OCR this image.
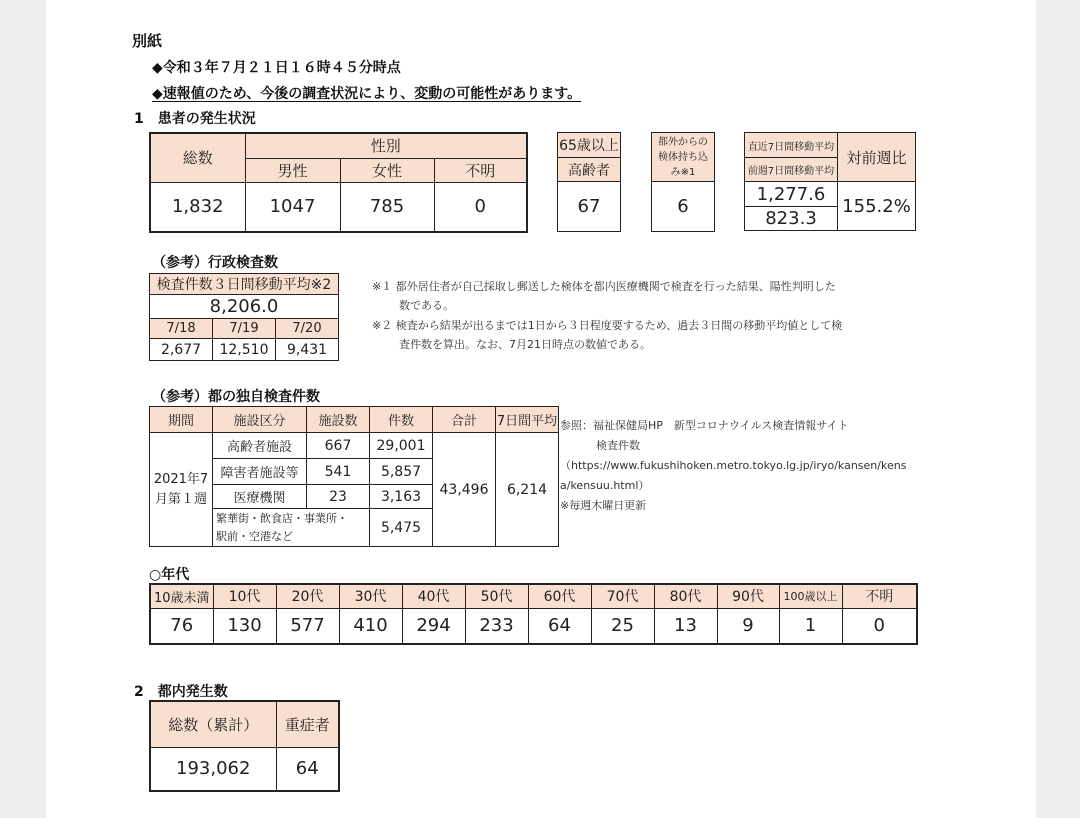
別紙
◆令和３年７月２１日１６時４５分時点
◆速報値のため、今後の調査状況により、変動の可能性があります。
1　患者の発生状況
総数	性別		
	男性	女性	不明
1,832	1047	785	0
65歳以上
高齢者
67
都外からの
検体持ち込
み※1

6
直近7日間移動平均	対前週比
前週7日間移動平均	
1,277.6	155.2%
823.3	
（参考）行政検査数
検査件数３日間移動平均※2		
8,206.0		
7/18	7/19	7/20
2,677	12,510	9,431
※１ 都外居住者が自己採取し郵送した検体を都内医療機関で検査を行った結果、陽性判明した
数である。
※２ 検査から結果が出るまでは1日から３日程度要するため、過去３日間の移動平均値として検
査件数を算出。なお、7月21日時点の数値である。
（参考）都の独自検査件数
期間	施設区分	施設数	件数	合計	7日間平均

2021年7
月第１週	高齢者施設	667	29,001	43,496	6,214
	障害者施設等	541	5,857		
	医療機関	23	3,163		

	繁華街・飲食店・事業所・
駅前・空港など		5,475		
参照：福祉保健局HP　新型コロナウイルス検査情報サイト
検査件数
（https://www.fukushihoken.metro.tokyo.lg.jp/iryo/kansen/kens
a/kensuu.html）
※毎週木曜日更新
○年代
10歳未満	10代	20代	30代	40代	50代	60代	70代	80代	90代	100歳以上	不明
76	130	577	410	294	233	64	25	13	9	1	0
2　都内発生数
総数（累計）	重症者
193,062	64
